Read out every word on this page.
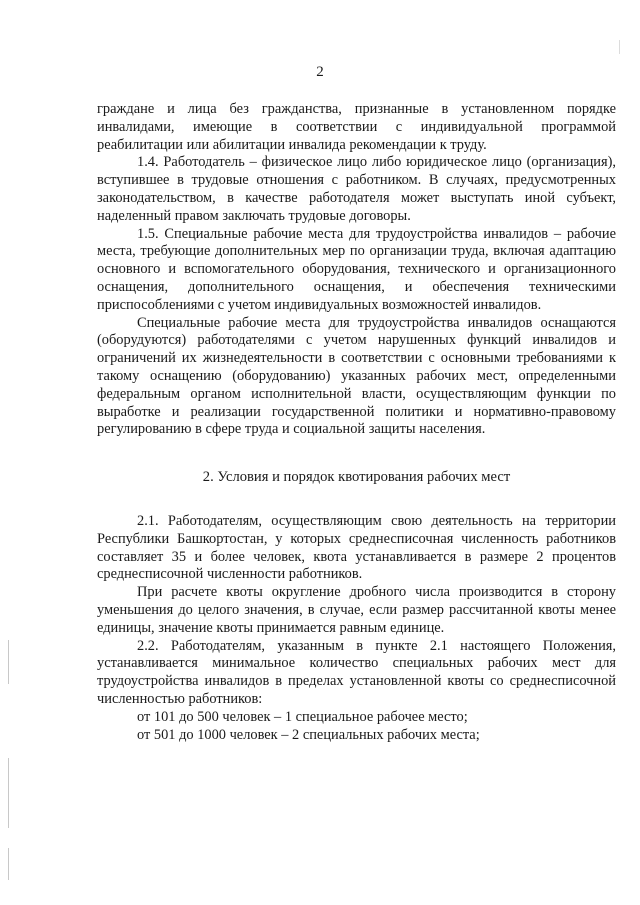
2

граждане и лица без гражданства, признанные в установленном порядке инвалидами, имеющие в соответствии с индивидуальной программой реабилитации или абилитации инвалида рекомендации к труду.

1.4. Работодатель – физическое лицо либо юридическое лицо (организация), вступившее в трудовые отношения с работником. В случаях, предусмотренных законодательством, в качестве работодателя может выступать иной субъект, наделенный правом заключать трудовые договоры.

1.5. Специальные рабочие места для трудоустройства инвалидов – рабочие места, требующие дополнительных мер по организации труда, включая адаптацию основного и вспомогательного оборудования, технического и организационного оснащения, дополнительного оснащения, и обеспечения техническими приспособлениями с учетом индивидуальных возможностей инвалидов.

Специальные рабочие места для трудоустройства инвалидов оснащаются (оборудуются) работодателями с учетом нарушенных функций инвалидов и ограничений их жизнедеятельности в соответствии с основными требованиями к такому оснащению (оборудованию) указанных рабочих мест, определенными федеральным органом исполнительной власти, осуществляющим функции по выработке и реализации государственной политики и нормативно-правовому регулированию в сфере труда и социальной защиты населения.

2. Условия и порядок квотирования рабочих мест

2.1. Работодателям, осуществляющим свою деятельность на территории Республики Башкортостан, у которых среднесписочная численность работников составляет 35 и более человек, квота устанавливается в размере 2 процентов среднесписочной численности работников.

При расчете квоты округление дробного числа производится в сторону уменьшения до целого значения, в случае, если размер рассчитанной квоты менее единицы, значение квоты принимается равным единице.

2.2. Работодателям, указанным в пункте 2.1 настоящего Положения, устанавливается минимальное количество специальных рабочих мест для трудоустройства инвалидов в пределах установленной квоты со среднесписочной численностью работников:

от 101 до 500 человек – 1 специальное рабочее место;

от 501 до 1000 человек – 2 специальных рабочих места;
